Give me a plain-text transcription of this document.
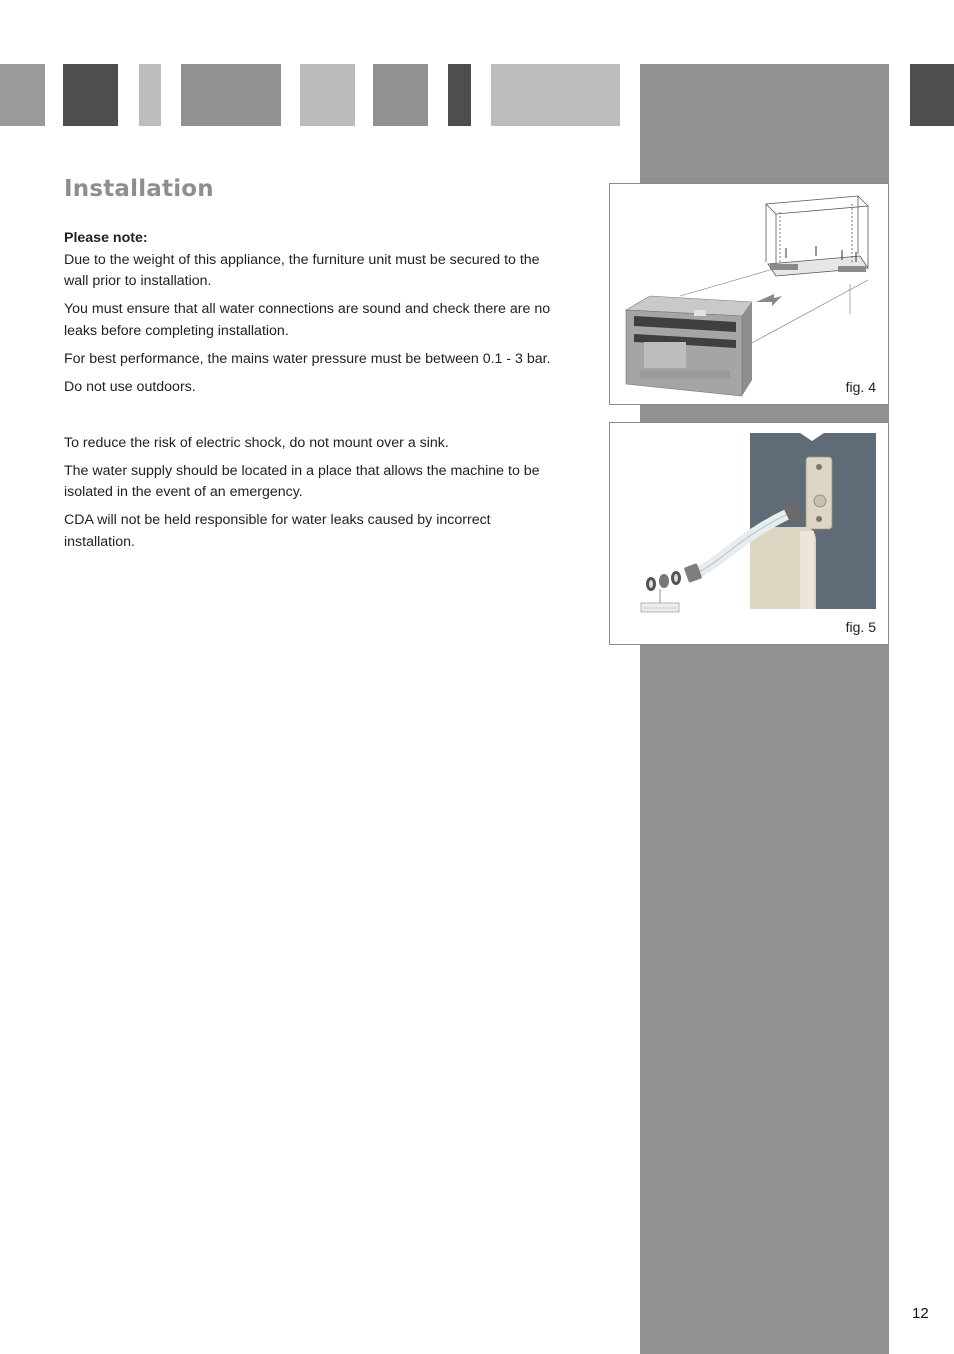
Installation

Please note:

Due to the weight of this appliance, the furniture unit must be secured to the wall prior to installation.

You must ensure that all water connections are sound and check there are no leaks before completing installation.

For best performance, the mains water pressure must be between 0.1 - 3 bar.

Do not use outdoors.

To reduce the risk of electric shock, do not mount over a sink.

The water supply should be located in a place that allows the machine to be isolated in the event of an emergency.

CDA will not be held responsible for water leaks caused by incorrect installation.

fig. 4
fig. 5
12
